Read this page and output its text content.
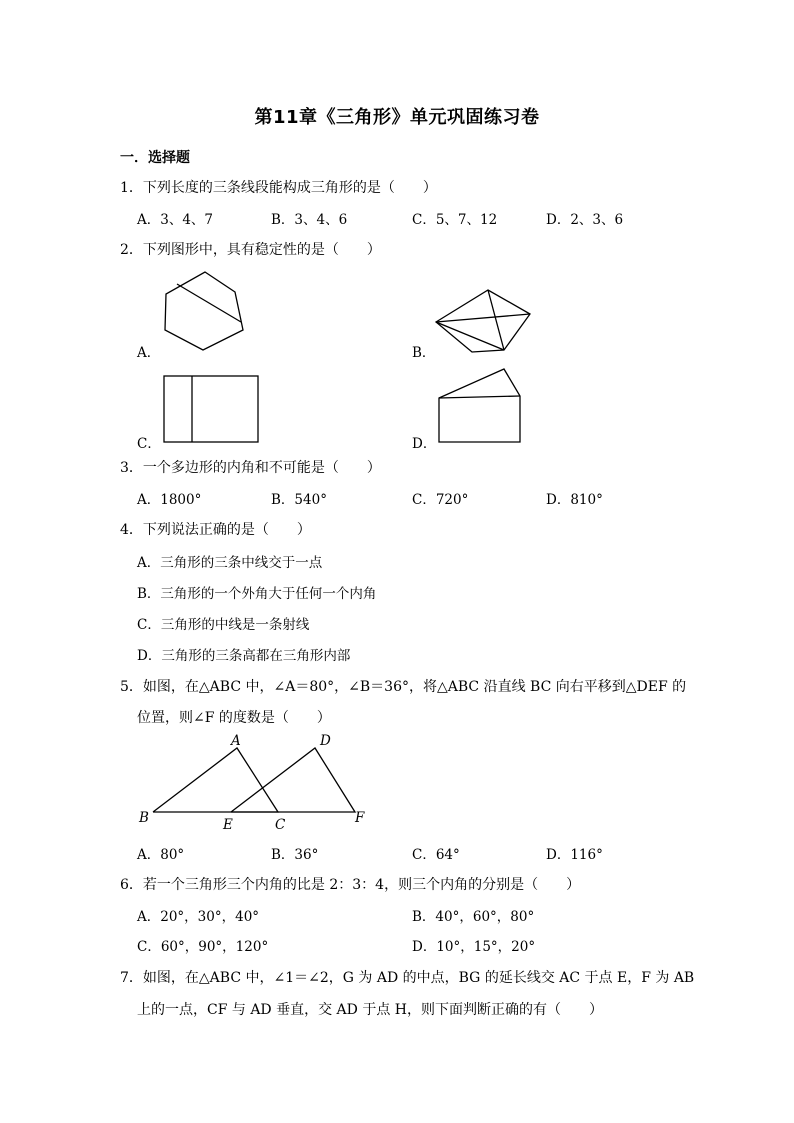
第11章《三角形》单元巩固练习卷
一．选择题
1．下列长度的三条线段能构成三角形的是（　　）
A．3、4、7	B．3、4、6	C．5、7、12	D．2、3、6
2．下列图形中，具有稳定性的是（　　）
A．	B．
C．	D．
3．一个多边形的内角和不可能是（　　）
A．1800°	B．540°	C．720°	D．810°
4．下列说法正确的是（　　）
A．三角形的三条中线交于一点
B．三角形的一个外角大于任何一个内角
C．三角形的中线是一条射线
D．三角形的三条高都在三角形内部
5．如图，在△ABC 中，∠A＝80°，∠B＝36°，将△ABC 沿直线 BC 向右平移到△DEF 的
位置，则∠F 的度数是（　　）
A	D
B	E	C	F
A．80°	B．36°	C．64°	D．116°
6．若一个三角形三个内角的比是 2：3：4，则三个内角的分别是（　　）
A．20°，30°，40°	B．40°，60°，80°
C．60°，90°，120°	D．10°，15°，20°
7．如图，在△ABC 中，∠1＝∠2，G 为 AD 的中点，BG 的延长线交 AC 于点 E，F 为 AB
上的一点，CF 与 AD 垂直，交 AD 于点 H，则下面判断正确的有（　　）
